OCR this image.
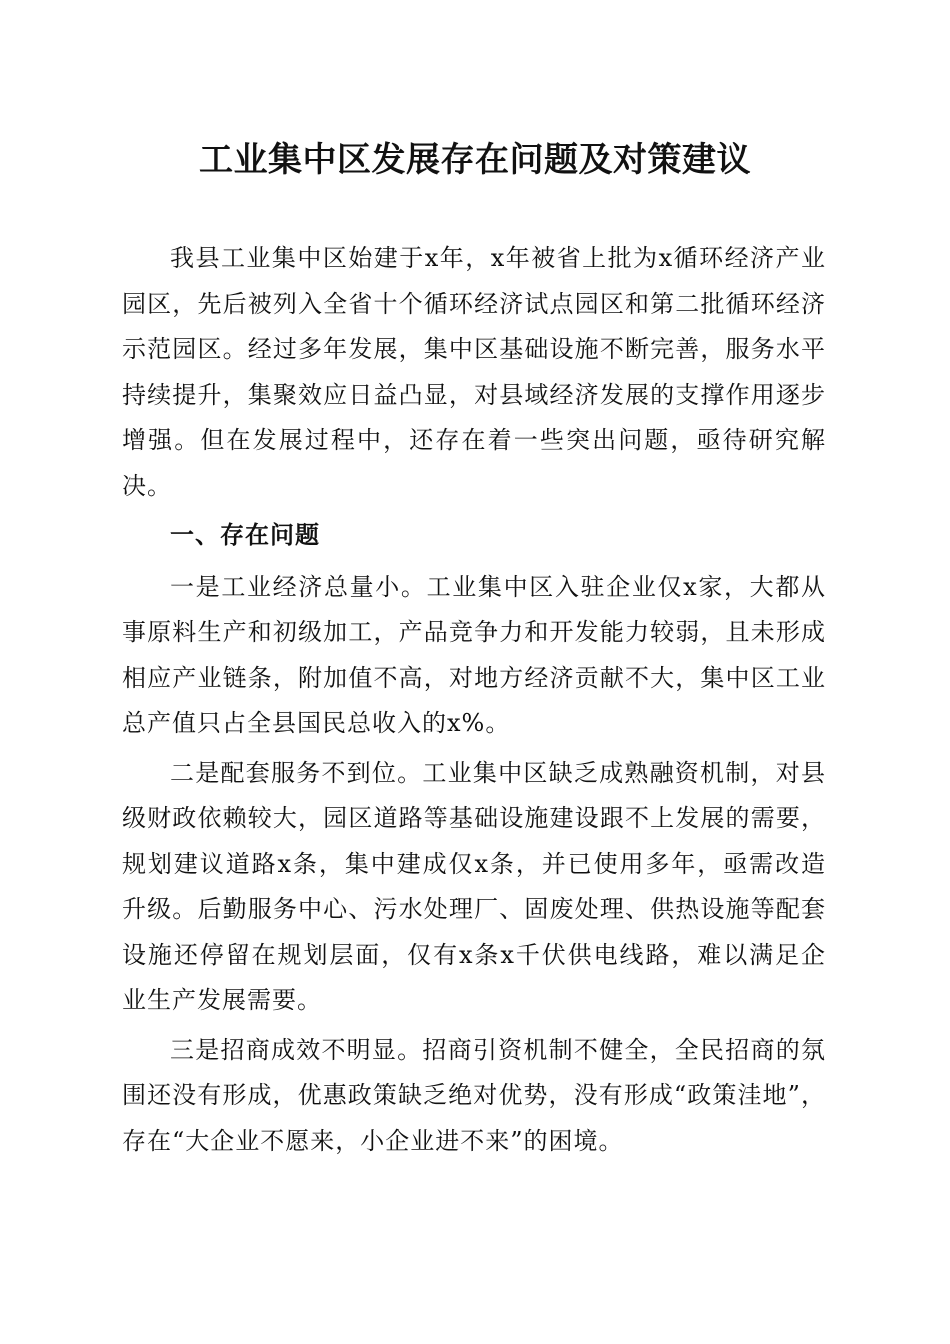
工业集中区发展存在问题及对策建议

我县工业集中区始建于x年，x年被省上批为x循环经济产业园区，先后被列入全省十个循环经济试点园区和第二批循环经济示范园区。经过多年发展，集中区基础设施不断完善，服务水平持续提升，集聚效应日益凸显，对县域经济发展的支撑作用逐步增强。但在发展过程中，还存在着一些突出问题，亟待研究解决。

一、存在问题

一是工业经济总量小。工业集中区入驻企业仅x家，大都从事原料生产和初级加工，产品竞争力和开发能力较弱，且未形成相应产业链条，附加值不高，对地方经济贡献不大，集中区工业总产值只占全县国民总收入的x%。

二是配套服务不到位。工业集中区缺乏成熟融资机制，对县级财政依赖较大，园区道路等基础设施建设跟不上发展的需要，规划建议道路x条，集中建成仅x条，并已使用多年，亟需改造升级。后勤服务中心、污水处理厂、固废处理、供热设施等配套设施还停留在规划层面，仅有x条x千伏供电线路，难以满足企业生产发展需要。

三是招商成效不明显。招商引资机制不健全，全民招商的氛围还没有形成，优惠政策缺乏绝对优势，没有形成“政策洼地”，存在“大企业不愿来，小企业进不来”的困境。
